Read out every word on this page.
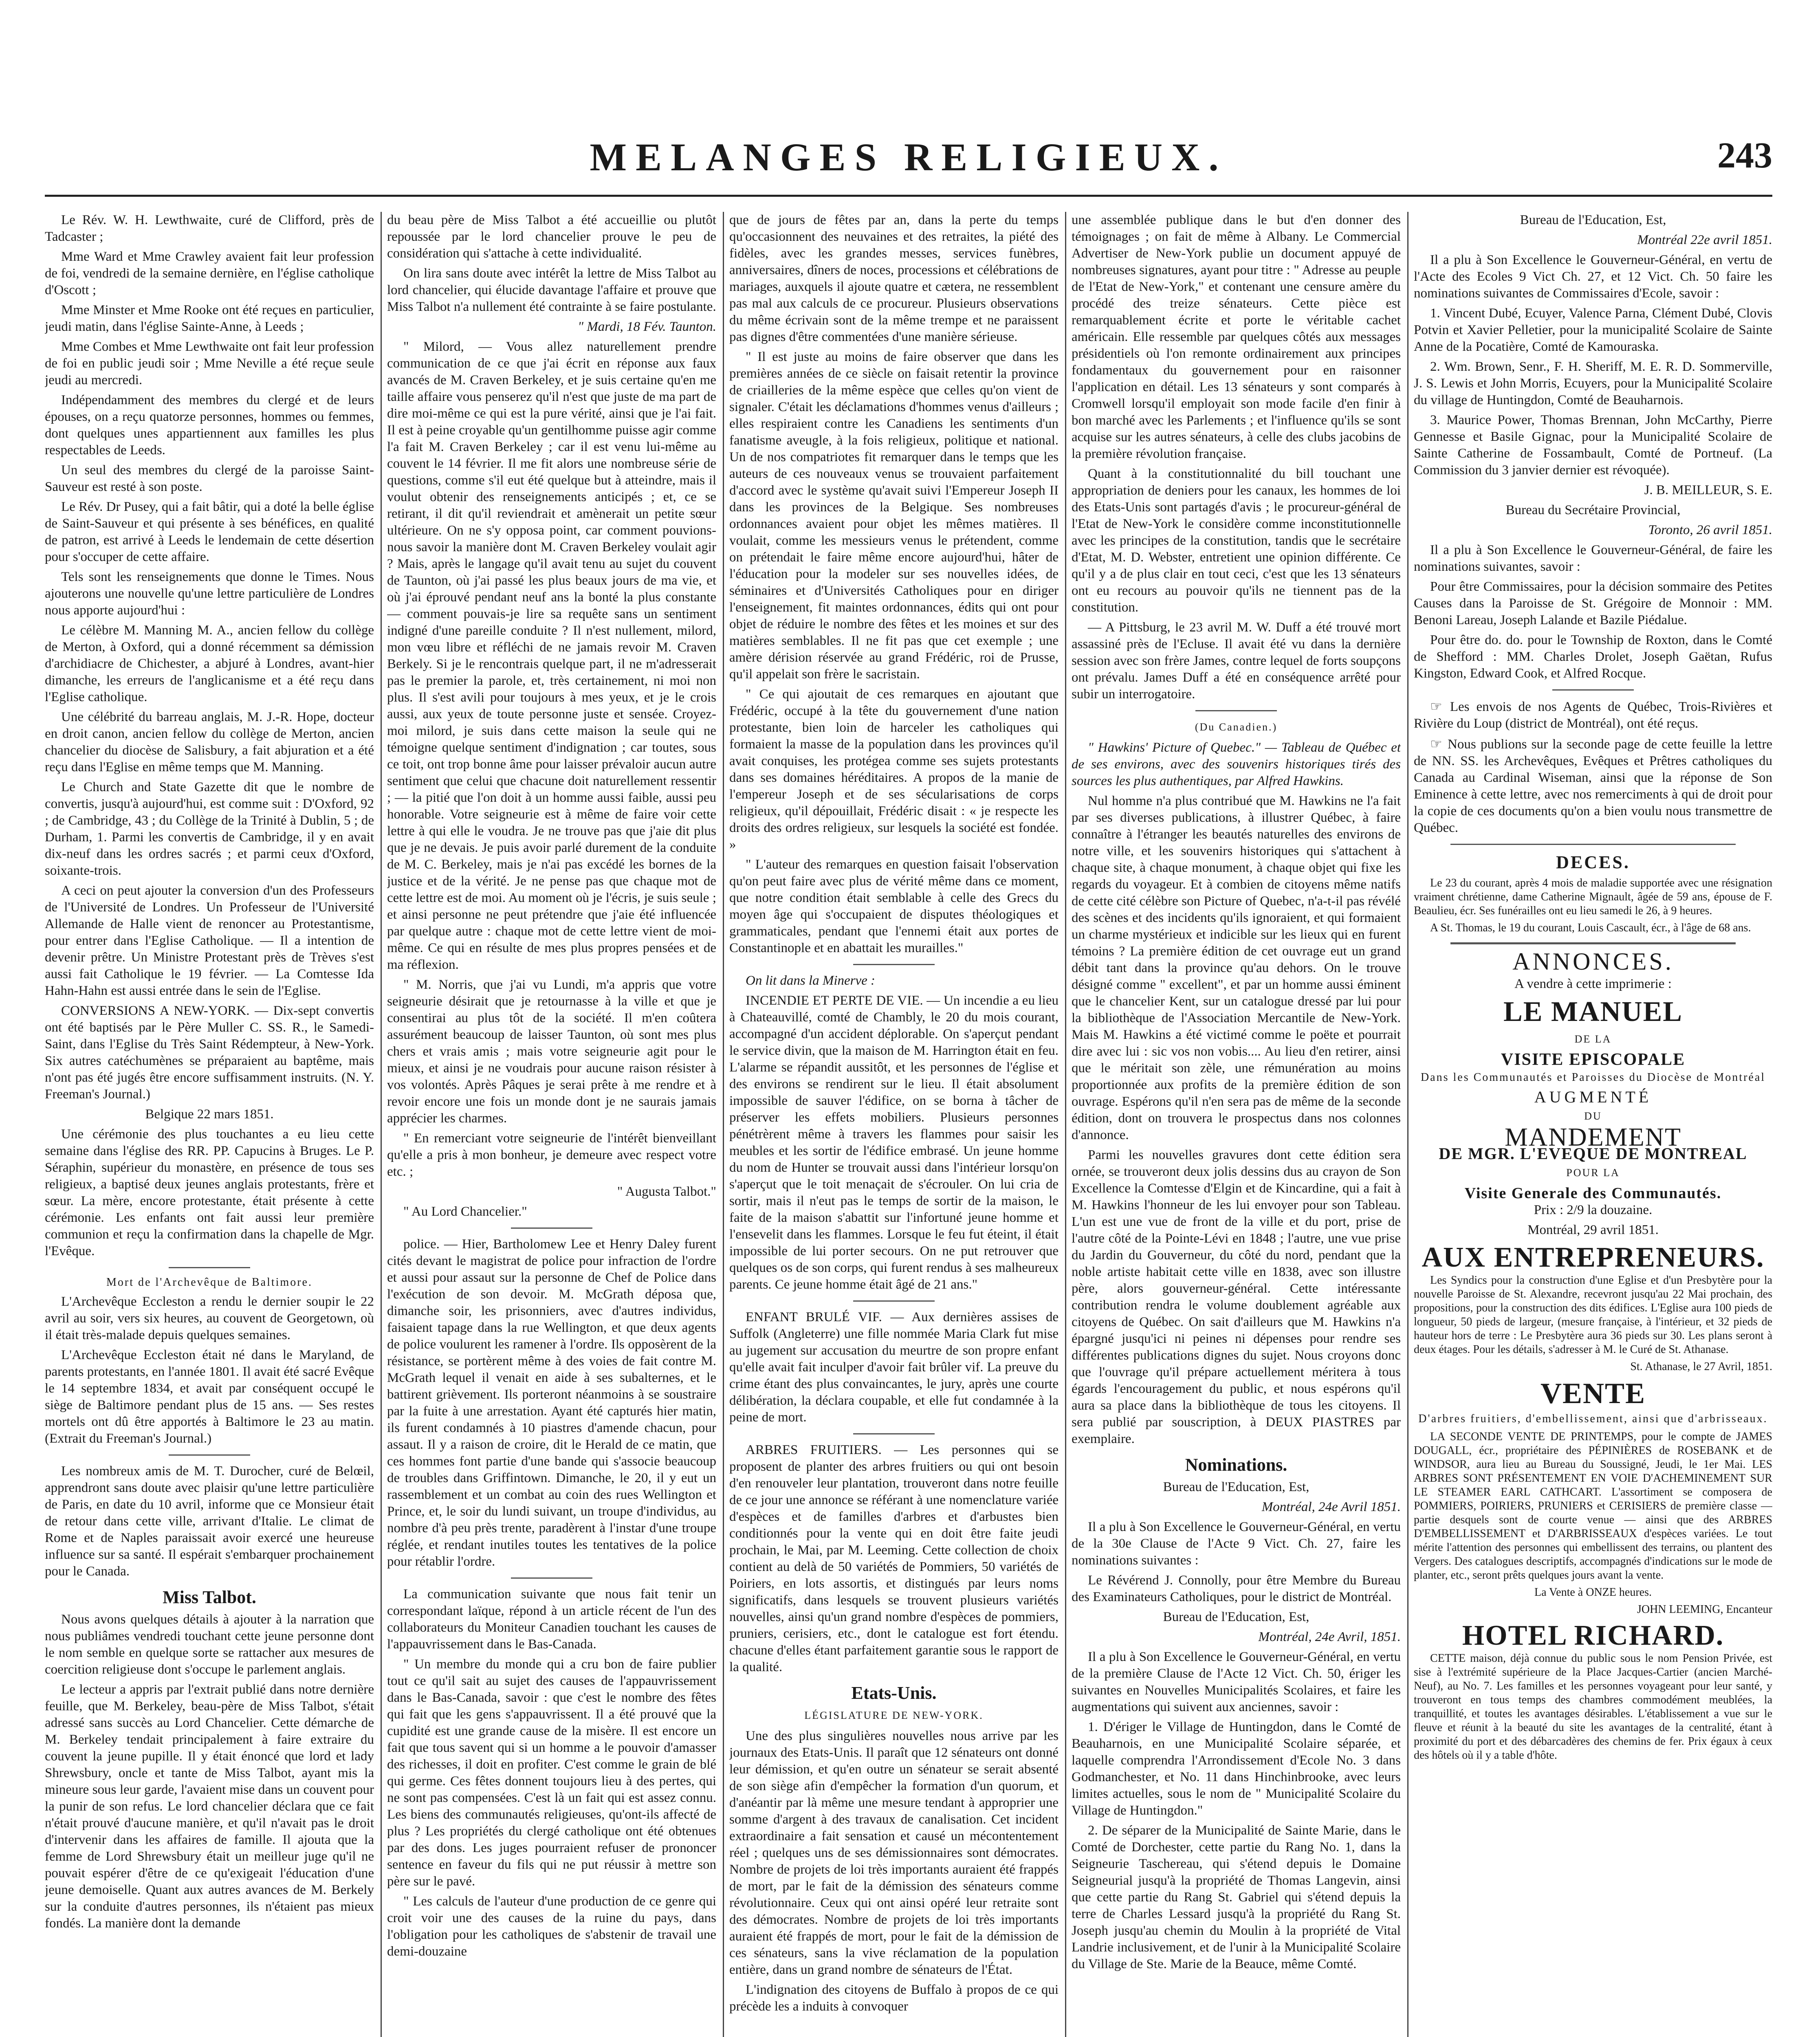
MELANGES RELIGIEUX.	243

Le Rév. W. H. Lewthwaite, curé de Clifford, près de Tadcaster ;

Mme Ward et Mme Crawley avaient fait leur profession de foi, vendredi de la semaine dernière, en l'église catholique d'Oscott ;

Mme Minster et Mme Rooke ont été reçues en particulier, jeudi matin, dans l'église Sainte-Anne, à Leeds ;

Mme Combes et Mme Lewthwaite ont fait leur profession de foi en public jeudi soir ; Mme Neville a été reçue seule jeudi au mercredi.

Indépendamment des membres du clergé et de leurs épouses, on a reçu quatorze personnes, hommes ou femmes, dont quelques unes appartiennent aux familles les plus respectables de Leeds.

Un seul des membres du clergé de la paroisse Saint-Sauveur est resté à son poste.

Le Rév. Dr Pusey, qui a fait bâtir, qui a doté la belle église de Saint-Sauveur et qui présente à ses bénéfices, en qualité de patron, est arrivé à Leeds le lendemain de cette désertion pour s'occuper de cette affaire.

Tels sont les renseignements que donne le Times. Nous ajouterons une nouvelle qu'une lettre particulière de Londres nous apporte aujourd'hui :

Le célèbre M. Manning M. A., ancien fellow du collège de Merton, à Oxford, qui a donné récemment sa démission d'archidiacre de Chichester, a abjuré à Londres, avant-hier dimanche, les erreurs de l'anglicanisme et a été reçu dans l'Eglise catholique.

Une célébrité du barreau anglais, M. J.-R. Hope, docteur en droit canon, ancien fellow du collège de Merton, ancien chancelier du diocèse de Salisbury, a fait abjuration et a été reçu dans l'Eglise en même temps que M. Manning.

Le Church and State Gazette dit que le nombre de convertis, jusqu'à aujourd'hui, est comme suit : D'Oxford, 92 ; de Cambridge, 43 ; du Collège de la Trinité à Dublin, 5 ; de Durham, 1. Parmi les convertis de Cambridge, il y en avait dix-neuf dans les ordres sacrés ; et parmi ceux d'Oxford, soixante-trois.

A ceci on peut ajouter la conversion d'un des Professeurs de l'Université de Londres. Un Professeur de l'Université Allemande de Halle vient de renoncer au Protestantisme, pour entrer dans l'Eglise Catholique. — Il a intention de devenir prêtre. Un Ministre Protestant près de Trèves s'est aussi fait Catholique le 19 février. — La Comtesse Ida Hahn-Hahn est aussi entrée dans le sein de l'Eglise.

CONVERSIONS A NEW-YORK. — Dix-sept convertis ont été baptisés par le Père Muller C. SS. R., le Samedi-Saint, dans l'Eglise du Très Saint Rédempteur, à New-York. Six autres catéchumènes se préparaient au baptême, mais n'ont pas été jugés être encore suffisamment instruits. (N. Y. Freeman's Journal.)

Belgique 22 mars 1851.

Une cérémonie des plus touchantes a eu lieu cette semaine dans l'église des RR. PP. Capucins à Bruges. Le P. Séraphin, supérieur du monastère, en présence de tous ses religieux, a baptisé deux jeunes anglais protestants, frère et sœur. La mère, encore protestante, était présente à cette cérémonie. Les enfants ont fait aussi leur première communion et reçu la confirmation dans la chapelle de Mgr. l'Evêque.

Mort de l'Archevêque de Baltimore.

L'Archevêque Eccleston a rendu le dernier soupir le 22 avril au soir, vers six heures, au couvent de Georgetown, où il était très-malade depuis quelques semaines.

L'Archevêque Eccleston était né dans le Maryland, de parents protestants, en l'année 1801. Il avait été sacré Evêque le 14 septembre 1834, et avait par conséquent occupé le siège de Baltimore pendant plus de 15 ans. — Ses restes mortels ont dû être apportés à Baltimore le 23 au matin. (Extrait du Freeman's Journal.)

Les nombreux amis de M. T. Durocher, curé de Belœil, apprendront sans doute avec plaisir qu'une lettre particulière de Paris, en date du 10 avril, informe que ce Monsieur était de retour dans cette ville, arrivant d'Italie. Le climat de Rome et de Naples paraissait avoir exercé une heureuse influence sur sa santé. Il espérait s'embarquer prochainement pour le Canada.

Miss Talbot.

Nous avons quelques détails à ajouter à la narration que nous publiâmes vendredi touchant cette jeune personne dont le nom semble en quelque sorte se rattacher aux mesures de coercition religieuse dont s'occupe le parlement anglais.

Le lecteur a appris par l'extrait publié dans notre dernière feuille, que M. Berkeley, beau-père de Miss Talbot, s'était adressé sans succès au Lord Chancelier. Cette démarche de M. Berkeley tendait principalement à faire extraire du couvent la jeune pupille. Il y était énoncé que lord et lady Shrewsbury, oncle et tante de Miss Talbot, ayant mis la mineure sous leur garde, l'avaient mise dans un couvent pour la punir de son refus. Le lord chancelier déclara que ce fait n'était prouvé d'aucune manière, et qu'il n'avait pas le droit d'intervenir dans les affaires de famille. Il ajouta que la femme de Lord Shrewsbury était un meilleur juge qu'il ne pouvait espérer d'être de ce qu'exigeait l'éducation d'une jeune demoiselle. Quant aux autres avances de M. Berkely sur la conduite d'autres personnes, ils n'étaient pas mieux fondés. La manière dont la demande

du beau père de Miss Talbot a été accueillie ou plutôt repoussée par le lord chancelier prouve le peu de considération qui s'attache à cette individualité.

On lira sans doute avec intérêt la lettre de Miss Talbot au lord chancelier, qui élucide davantage l'affaire et prouve que Miss Talbot n'a nullement été contrainte à se faire postulante.

" Mardi, 18 Fév. Taunton.

" Milord, — Vous allez naturellement prendre communication de ce que j'ai écrit en réponse aux faux avancés de M. Craven Berkeley, et je suis certaine qu'en me taille affaire vous penserez qu'il n'est que juste de ma part de dire moi-même ce qui est la pure vérité, ainsi que je l'ai fait. Il est à peine croyable qu'un gentilhomme puisse agir comme l'a fait M. Craven Berkeley ; car il est venu lui-même au couvent le 14 février. Il me fit alors une nombreuse série de questions, comme s'il eut été quelque but à atteindre, mais il voulut obtenir des renseignements anticipés ; et, ce se retirant, il dit qu'il reviendrait et amènerait un petite sœur ultérieure. On ne s'y opposa point, car comment pouvions-nous savoir la manière dont M. Craven Berkeley voulait agir ? Mais, après le langage qu'il avait tenu au sujet du couvent de Taunton, où j'ai passé les plus beaux jours de ma vie, et où j'ai éprouvé pendant neuf ans la bonté la plus constante — comment pouvais-je lire sa requête sans un sentiment indigné d'une pareille conduite ? Il n'est nullement, milord, mon vœu libre et réfléchi de ne jamais revoir M. Craven Berkely. Si je le rencontrais quelque part, il ne m'adresserait pas le premier la parole, et, très certainement, ni moi non plus. Il s'est avili pour toujours à mes yeux, et je le crois aussi, aux yeux de toute personne juste et sensée. Croyez-moi milord, je suis dans cette maison la seule qui ne témoigne quelque sentiment d'indignation ; car toutes, sous ce toit, ont trop bonne âme pour laisser prévaloir aucun autre sentiment que celui que chacune doit naturellement ressentir ; — la pitié que l'on doit à un homme aussi faible, aussi peu honorable. Votre seigneurie est à même de faire voir cette lettre à qui elle le voudra. Je ne trouve pas que j'aie dit plus que je ne devais. Je puis avoir parlé durement de la conduite de M. C. Berkeley, mais je n'ai pas excédé les bornes de la justice et de la vérité. Je ne pense pas que chaque mot de cette lettre est de moi. Au moment où je l'écris, je suis seule ; et ainsi personne ne peut prétendre que j'aie été influencée par quelque autre : chaque mot de cette lettre vient de moi-même. Ce qui en résulte de mes plus propres pensées et de ma réflexion.

" M. Norris, que j'ai vu Lundi, m'a appris que votre seigneurie désirait que je retournasse à la ville et que je consentirai au plus tôt de la société. Il m'en coûtera assurément beaucoup de laisser Taunton, où sont mes plus chers et vrais amis ; mais votre seigneurie agit pour le mieux, et ainsi je ne voudrais pour aucune raison résister à vos volontés. Après Pâques je serai prête à me rendre et à revoir encore une fois un monde dont je ne saurais jamais apprécier les charmes.

" En remerciant votre seigneurie de l'intérêt bienveillant qu'elle a pris à mon bonheur, je demeure avec respect votre etc. ;

" Augusta Talbot."

" Au Lord Chancelier."

police. — Hier, Bartholomew Lee et Henry Daley furent cités devant le magistrat de police pour infraction de l'ordre et aussi pour assaut sur la personne de Chef de Police dans l'exécution de son devoir. M. McGrath déposa que, dimanche soir, les prisonniers, avec d'autres individus, faisaient tapage dans la rue Wellington, et que deux agents de police voulurent les ramener à l'ordre. Ils opposèrent de la résistance, se portèrent même à des voies de fait contre M. McGrath lequel il venait en aide à ses subalternes, et le battirent grièvement. Ils porteront néanmoins à se soustraire par la fuite à une arrestation. Ayant été capturés hier matin, ils furent condamnés à 10 piastres d'amende chacun, pour assaut. Il y a raison de croire, dit le Herald de ce matin, que ces hommes font partie d'une bande qui s'associe beaucoup de troubles dans Griffintown. Dimanche, le 20, il y eut un rassemblement et un combat au coin des rues Wellington et Prince, et, le soir du lundi suivant, un troupe d'individus, au nombre d'à peu près trente, paradèrent à l'instar d'une troupe réglée, et rendant inutiles toutes les tentatives de la police pour rétablir l'ordre.

La communication suivante que nous fait tenir un correspondant laïque, répond à un article récent de l'un des collaborateurs du Moniteur Canadien touchant les causes de l'appauvrissement dans le Bas-Canada.

" Un membre du monde qui a cru bon de faire publier tout ce qu'il sait au sujet des causes de l'appauvrissement dans le Bas-Canada, savoir : que c'est le nombre des fêtes qui fait que les gens s'appauvrissent. Il a été prouvé que la cupidité est une grande cause de la misère. Il est encore un fait que tous savent qui si un homme a le pouvoir d'amasser des richesses, il doit en profiter. C'est comme le grain de blé qui germe. Ces fêtes donnent toujours lieu à des pertes, qui ne sont pas compensées. C'est là un fait qui est assez connu. Les biens des communautés religieuses, qu'ont-ils affecté de plus ? Les propriétés du clergé catholique ont été obtenues par des dons. Les juges pourraient refuser de prononcer sentence en faveur du fils qui ne put réussir à mettre son père sur le pavé.

" Les calculs de l'auteur d'une production de ce genre qui croit voir une des causes de la ruine du pays, dans l'obligation pour les catholiques de s'abstenir de travail une demi-douzaine

que de jours de fêtes par an, dans la perte du temps qu'occasionnent des neuvaines et des retraites, la piété des fidèles, avec les grandes messes, services funèbres, anniversaires, dîners de noces, processions et célébrations de mariages, auxquels il ajoute quatre et cætera, ne ressemblent pas mal aux calculs de ce procureur. Plusieurs observations du même écrivain sont de la même trempe et ne paraissent pas dignes d'être commentées d'une manière sérieuse.

" Il est juste au moins de faire observer que dans les premières années de ce siècle on faisait retentir la province de criailleries de la même espèce que celles qu'on vient de signaler. C'était les déclamations d'hommes venus d'ailleurs ; elles respiraient contre les Canadiens les sentiments d'un fanatisme aveugle, à la fois religieux, politique et national. Un de nos compatriotes fit remarquer dans le temps que les auteurs de ces nouveaux venus se trouvaient parfaitement d'accord avec le système qu'avait suivi l'Empereur Joseph II dans les provinces de la Belgique. Ses nombreuses ordonnances avaient pour objet les mêmes matières. Il voulait, comme les messieurs venus le prétendent, comme on prétendait le faire même encore aujourd'hui, hâter de l'éducation pour la modeler sur ses nouvelles idées, de séminaires et d'Universités Catholiques pour en diriger l'enseignement, fit maintes ordonnances, édits qui ont pour objet de réduire le nombre des fêtes et les moines et sur des matières semblables. Il ne fit pas que cet exemple ; une amère dérision réservée au grand Frédéric, roi de Prusse, qu'il appelait son frère le sacristain.

" Ce qui ajoutait de ces remarques en ajoutant que Frédéric, occupé à la tête du gouvernement d'une nation protestante, bien loin de harceler les catholiques qui formaient la masse de la population dans les provinces qu'il avait conquises, les protégea comme ses sujets protestants dans ses domaines héréditaires. A propos de la manie de l'empereur Joseph et de ses sécularisations de corps religieux, qu'il dépouillait, Frédéric disait : « je respecte les droits des ordres religieux, sur lesquels la société est fondée. »

" L'auteur des remarques en question faisait l'observation qu'on peut faire avec plus de vérité même dans ce moment, que notre condition était semblable à celle des Grecs du moyen âge qui s'occupaient de disputes théologiques et grammaticales, pendant que l'ennemi était aux portes de Constantinople et en abattait les murailles."

On lit dans la Minerve :

INCENDIE ET PERTE DE VIE. — Un incendie a eu lieu à Chateauvillé, comté de Chambly, le 20 du mois courant, accompagné d'un accident déplorable. On s'aperçut pendant le service divin, que la maison de M. Harrington était en feu. L'alarme se répandit aussitôt, et les personnes de l'église et des environs se rendirent sur le lieu. Il était absolument impossible de sauver l'édifice, on se borna à tâcher de préserver les effets mobiliers. Plusieurs personnes pénétrèrent même à travers les flammes pour saisir les meubles et les sortir de l'édifice embrasé. Un jeune homme du nom de Hunter se trouvait aussi dans l'intérieur lorsqu'on s'aperçut que le toit menaçait de s'écrouler. On lui cria de sortir, mais il n'eut pas le temps de sortir de la maison, le faite de la maison s'abattit sur l'infortuné jeune homme et l'ensevelit dans les flammes. Lorsque le feu fut éteint, il était impossible de lui porter secours. On ne put retrouver que quelques os de son corps, qui furent rendus à ses malheureux parents. Ce jeune homme était âgé de 21 ans."

ENFANT BRULÉ VIF. — Aux dernières assises de Suffolk (Angleterre) une fille nommée Maria Clark fut mise au jugement sur accusation du meurtre de son propre enfant qu'elle avait fait inculper d'avoir fait brûler vif. La preuve du crime étant des plus convaincantes, le jury, après une courte délibération, la déclara coupable, et elle fut condamnée à la peine de mort.

ARBRES FRUITIERS. — Les personnes qui se proposent de planter des arbres fruitiers ou qui ont besoin d'en renouveler leur plantation, trouveront dans notre feuille de ce jour une annonce se référant à une nomenclature variée d'espèces et de familles d'arbres et d'arbustes bien conditionnés pour la vente qui en doit être faite jeudi prochain, le Mai, par M. Leeming. Cette collection de choix contient au delà de 50 variétés de Pommiers, 50 variétés de Poiriers, en lots assortis, et distingués par leurs noms significatifs, dans lesquels se trouvent plusieurs variétés nouvelles, ainsi qu'un grand nombre d'espèces de pommiers, pruniers, cerisiers, etc., dont le catalogue est fort étendu. chacune d'elles étant parfaitement garantie sous le rapport de la qualité.

Etats-Unis.
LÉGISLATURE DE NEW-YORK.

Une des plus singulières nouvelles nous arrive par les journaux des Etats-Unis. Il paraît que 12 sénateurs ont donné leur démission, et qu'en outre un sénateur se serait absenté de son siège afin d'empêcher la formation d'un quorum, et d'anéantir par là même une mesure tendant à approprier une somme d'argent à des travaux de canalisation. Cet incident extraordinaire a fait sensation et causé un mécontentement réel ; quelques uns de ses démissionnaires sont démocrates. Nombre de projets de loi très importants auraient été frappés de mort, par le fait de la démission des sénateurs comme révolutionnaire. Ceux qui ont ainsi opéré leur retraite sont des démocrates. Nombre de projets de loi très importants auraient été frappés de mort, pour le fait de la démission de ces sénateurs, sans la vive réclamation de la population entière, dans un grand nombre de sénateurs de l'État.

L'indignation des citoyens de Buffalo à propos de ce qui précède les a induits à convoquer

une assemblée publique dans le but d'en donner des témoignages ; on fait de même à Albany. Le Commercial Advertiser de New-York publie un document appuyé de nombreuses signatures, ayant pour titre : " Adresse au peuple de l'Etat de New-York," et contenant une censure amère du procédé des treize sénateurs. Cette pièce est remarquablement écrite et porte le véritable cachet américain. Elle ressemble par quelques côtés aux messages présidentiels où l'on remonte ordinairement aux principes fondamentaux du gouvernement pour en raisonner l'application en détail. Les 13 sénateurs y sont comparés à Cromwell lorsqu'il employait son mode facile d'en finir à bon marché avec les Parlements ; et l'influence qu'ils se sont acquise sur les autres sénateurs, à celle des clubs jacobins de la première révolution française.

Quant à la constitutionnalité du bill touchant une appropriation de deniers pour les canaux, les hommes de loi des Etats-Unis sont partagés d'avis ; le procureur-général de l'Etat de New-York le considère comme inconstitutionnelle avec les principes de la constitution, tandis que le secrétaire d'Etat, M. D. Webster, entretient une opinion différente. Ce qu'il y a de plus clair en tout ceci, c'est que les 13 sénateurs ont eu recours au pouvoir qu'ils ne tiennent pas de la constitution.

— A Pittsburg, le 23 avril M. W. Duff a été trouvé mort assassiné près de l'Ecluse. Il avait été vu dans la dernière session avec son frère James, contre lequel de forts soupçons ont prévalu. James Duff a été en conséquence arrêté pour subir un interrogatoire.

(Du Canadien.)

" Hawkins' Picture of Quebec." — Tableau de Québec et de ses environs, avec des souvenirs historiques tirés des sources les plus authentiques, par Alfred Hawkins.

Nul homme n'a plus contribué que M. Hawkins ne l'a fait par ses diverses publications, à illustrer Québec, à faire connaître à l'étranger les beautés naturelles des environs de notre ville, et les souvenirs historiques qui s'attachent à chaque site, à chaque monument, à chaque objet qui fixe les regards du voyageur. Et à combien de citoyens même natifs de cette cité célèbre son Picture of Quebec, n'a-t-il pas révélé des scènes et des incidents qu'ils ignoraient, et qui formaient un charme mystérieux et indicible sur les lieux qui en furent témoins ? La première édition de cet ouvrage eut un grand débit tant dans la province qu'au dehors. On le trouve désigné comme " excellent", et par un homme aussi éminent que le chancelier Kent, sur un catalogue dressé par lui pour la bibliothèque de l'Association Mercantile de New-York. Mais M. Hawkins a été victimé comme le poëte et pourrait dire avec lui : sic vos non vobis.... Au lieu d'en retirer, ainsi que le méritait son zèle, une rémunération au moins proportionnée aux profits de la première édition de son ouvrage. Espérons qu'il n'en sera pas de même de la seconde édition, dont on trouvera le prospectus dans nos colonnes d'annonce.

Parmi les nouvelles gravures dont cette édition sera ornée, se trouveront deux jolis dessins dus au crayon de Son Excellence la Comtesse d'Elgin et de Kincardine, qui a fait à M. Hawkins l'honneur de les lui envoyer pour son Tableau. L'un est une vue de front de la ville et du port, prise de l'autre côté de la Pointe-Lévi en 1848 ; l'autre, une vue prise du Jardin du Gouverneur, du côté du nord, pendant que la noble artiste habitait cette ville en 1838, avec son illustre père, alors gouverneur-général. Cette intéressante contribution rendra le volume doublement agréable aux citoyens de Québec. On sait d'ailleurs que M. Hawkins n'a épargné jusqu'ici ni peines ni dépenses pour rendre ses différentes publications dignes du sujet. Nous croyons donc que l'ouvrage qu'il prépare actuellement méritera à tous égards l'encouragement du public, et nous espérons qu'il aura sa place dans la bibliothèque de tous les citoyens. Il sera publié par souscription, à DEUX PIASTRES par exemplaire.

Nominations.

Bureau de l'Education, Est,

Montréal, 24e Avril 1851.

Il a plu à Son Excellence le Gouverneur-Général, en vertu de la 30e Clause de l'Acte 9 Vict. Ch. 27, faire les nominations suivantes :

Le Révérend J. Connolly, pour être Membre du Bureau des Examinateurs Catholiques, pour le district de Montréal.

Bureau de l'Education, Est,

Montréal, 24e Avril, 1851.

Il a plu à Son Excellence le Gouverneur-Général, en vertu de la première Clause de l'Acte 12 Vict. Ch. 50, ériger les suivantes en Nouvelles Municipalités Scolaires, et faire les augmentations qui suivent aux anciennes, savoir :

1. D'ériger le Village de Huntingdon, dans le Comté de Beauharnois, en une Municipalité Scolaire séparée, et laquelle comprendra l'Arrondissement d'Ecole No. 3 dans Godmanchester, et No. 11 dans Hinchinbrooke, avec leurs limites actuelles, sous le nom de " Municipalité Scolaire du Village de Huntingdon."

2. De séparer de la Municipalité de Sainte Marie, dans le Comté de Dorchester, cette partie du Rang No. 1, dans la Seigneurie Taschereau, qui s'étend depuis le Domaine Seigneurial jusqu'à la propriété de Thomas Langevin, ainsi que cette partie du Rang St. Gabriel qui s'étend depuis la terre de Charles Lessard jusqu'à la propriété du Rang St. Joseph jusqu'au chemin du Moulin à la propriété de Vital Landrie inclusivement, et de l'unir à la Municipalité Scolaire du Village de Ste. Marie de la Beauce, même Comté.

Bureau de l'Education, Est,

Montréal 22e avril 1851.

Il a plu à Son Excellence le Gouverneur-Général, en vertu de l'Acte des Ecoles 9 Vict Ch. 27, et 12 Vict. Ch. 50 faire les nominations suivantes de Commissaires d'Ecole, savoir :

1. Vincent Dubé, Ecuyer, Valence Parna, Clément Dubé, Clovis Potvin et Xavier Pelletier, pour la municipalité Scolaire de Sainte Anne de la Pocatière, Comté de Kamouraska.

2. Wm. Brown, Senr., F. H. Sheriff, M. E. R. D. Sommerville, J. S. Lewis et John Morris, Ecuyers, pour la Municipalité Scolaire du village de Huntingdon, Comté de Beauharnois.

3. Maurice Power, Thomas Brennan, John McCarthy, Pierre Gennesse et Basile Gignac, pour la Municipalité Scolaire de Sainte Catherine de Fossambault, Comté de Portneuf. (La Commission du 3 janvier dernier est révoquée).

J. B. MEILLEUR, S. E.

Bureau du Secrétaire Provincial,

Toronto, 26 avril 1851.

Il a plu à Son Excellence le Gouverneur-Général, de faire les nominations suivantes, savoir :

Pour être Commissaires, pour la décision sommaire des Petites Causes dans la Paroisse de St. Grégoire de Monnoir : MM. Benoni Lareau, Joseph Lalande et Bazile Piédalue.

Pour être do. do. pour le Township de Roxton, dans le Comté de Shefford : MM. Charles Drolet, Joseph Gaëtan, Rufus Kingston, Edward Cook, et Alfred Rocque.

☞ Les envois de nos Agents de Québec, Trois-Rivières et Rivière du Loup (district de Montréal), ont été reçus.

☞ Nous publions sur la seconde page de cette feuille la lettre de NN. SS. les Archevêques, Evêques et Prêtres catholiques du Canada au Cardinal Wiseman, ainsi que la réponse de Son Eminence à cette lettre, avec nos remerciments à qui de droit pour la copie de ces documents qu'on a bien voulu nous transmettre de Québec.

DECES.

Le 23 du courant, après 4 mois de maladie supportée avec une résignation vraiment chrétienne, dame Catherine Mignault, âgée de 59 ans, épouse de F. Beaulieu, écr. Ses funérailles ont eu lieu samedi le 26, à 9 heures.

A St. Thomas, le 19 du courant, Louis Cascault, écr., à l'âge de 68 ans.

ANNONCES.

A vendre à cette imprimerie :

LE MANUEL
DE LA
VISITE EPISCOPALE
Dans les Communautés et Paroisses du Diocèse de Montréal
AUGMENTÉ
DU
MANDEMENT
DE MGR. L'EVEQUE DE MONTREAL
POUR LA
Visite Generale des Communautés.

Prix : 2/9 la douzaine.

Montréal, 29 avril 1851.

AUX ENTREPRENEURS.

Les Syndics pour la construction d'une Eglise et d'un Presbytère pour la nouvelle Paroisse de St. Alexandre, recevront jusqu'au 22 Mai prochain, des propositions, pour la construction des dits édifices. L'Eglise aura 100 pieds de longueur, 50 pieds de largeur, (mesure française, à l'intérieur, et 32 pieds de hauteur hors de terre : Le Presbytère aura 36 pieds sur 30. Les plans seront à deux étages. Pour les détails, s'adresser à M. le Curé de St. Athanase.

St. Athanase, le 27 Avril, 1851.

VENTE
D'arbres fruitiers, d'embellissement, ainsi que d'arbrisseaux.

LA SECONDE VENTE DE PRINTEMPS, pour le compte de JAMES DOUGALL, écr., propriétaire des PÉPINIÈRES de ROSEBANK et de WINDSOR, aura lieu au Bureau du Soussigné, Jeudi, le 1er Mai. LES ARBRES SONT PRÉSENTEMENT EN VOIE D'ACHEMINEMENT SUR LE STEAMER EARL CATHCART. L'assortiment se composera de POMMIERS, POIRIERS, PRUNIERS et CERISIERS de première classe — partie desquels sont de courte venue — ainsi que des ARBRES D'EMBELLISSEMENT et D'ARBRISSEAUX d'espèces variées. Le tout mérite l'attention des personnes qui embellissent des terrains, ou plantent des Vergers. Des catalogues descriptifs, accompagnés d'indications sur le mode de planter, etc., seront prêts quelques jours avant la vente.

La Vente à ONZE heures.

JOHN LEEMING, Encanteur

HOTEL RICHARD.

CETTE maison, déjà connue du public sous le nom Pension Privée, est sise à l'extrémité supérieure de la Place Jacques-Cartier (ancien Marché-Neuf), au No. 7. Les familles et les personnes voyageant pour leur santé, y trouveront en tous temps des chambres commodément meublées, la tranquillité, et toutes les avantages désirables. L'établissement a vue sur le fleuve et réunit à la beauté du site les avantages de la centralité, étant à proximité du port et des débarcadères des chemins de fer. Prix égaux à ceux des hôtels où il y a table d'hôte.
